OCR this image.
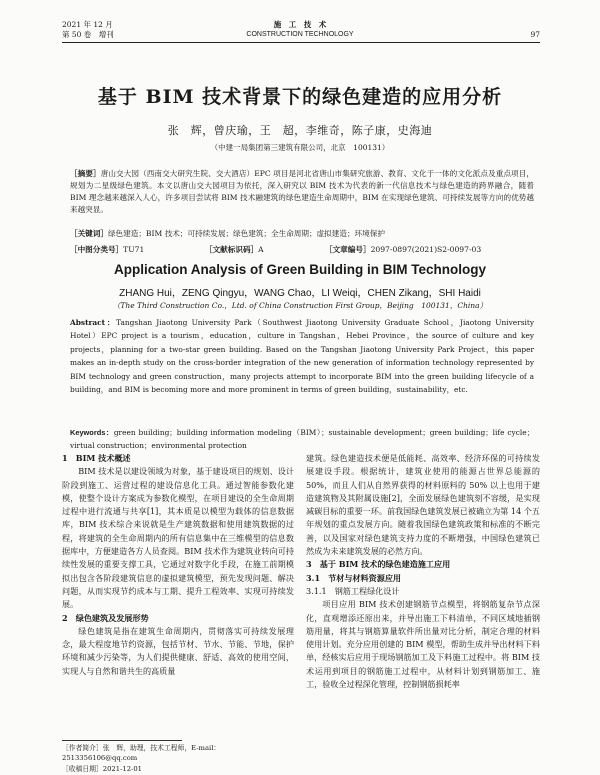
2021 年 12 月
第 50 卷　增刊
施　工　技　术
CONSTRUCTION TECHNOLOGY	97
基于 BIM 技术背景下的绿色建造的应用分析
张　辉，曾庆瑜，王　超，李维奇，陈子康，史海迪
（中建一局集团第三建筑有限公司，北京　100131）

［摘要］唐山交大园（西南交大研究生院、交大酒店）EPC 项目是河北省唐山市集研究旅游、教育、文化于一体的文化派点及重点项目，规划为二星级绿色建筑。本文以唐山交大园项目为依托，深入研究以 BIM 技术为代表的新一代信息技术与绿色建造的跨界融合，随着 BIM 理念越来越深入人心，许多项目尝试将 BIM 技术融建筑的绿色建造生命周期中，BIM 在实现绿色建筑、可持续发展等方向的优势越来越突显。

［关键词］绿色建造；BIM 技术；可持续发展；绿色建筑；全生命周期；虚拟建造；环境保护
［中图分类号］TU71	［文献标识码］A	［文章编号］2097-0897(2021)S2-0097-03
Application Analysis of Green Building in BIM Technology
ZHANG Hui，ZENG Qingyu，WANG Chao，LI Weiqi，CHEN Zikang，SHI Haidi
（The Third Construction Co.，Ltd. of China Construction First Group，Beijing　100131，China）
Abstract：Tangshan Jiaotong University Park（Southwest Jiaotong University Graduate School，Jiaotong University Hotel）EPC project is a tourism，education，culture in Tangshan，Hebei Province，the source of culture and key projects，planning for a two-star green building. Based on the Tangshan Jiaotong University Park Project，this paper makes an in-depth study on the cross-border integration of the new generation of information technology represented by BIM technology and green construction，many projects attempt to incorporate BIM into the green building lifecycle of a building，and BIM is becoming more and more prominent in terms of green building，sustainability，etc.
Keywords：green building；building information modeling（BIM）；sustainable development；green building；life cycle；virtual construction；environmental protection

1　BIM 技术概述

BIM 技术是以建设领域为对象，基于建设项目的规划、设计阶段到施工、运营过程的建设信息化工具。通过智能参数化建模，使整个设计方案成为参数化模型，在项目建设的全生命周期过程中进行流通与共享[1]，其本质是以模型为载体的信息数据库，BIM 技术综合来说就是生产建筑数据和使用建筑数据的过程，将建筑的全生命周期内的所有信息集中在三维模型的信息数据库中，方便建造各方人员查阅。BIM 技术作为建筑业转向可持续性发展的重要支撑工具，它通过对数字化手段，在施工前期模拟出包含各阶段建筑信息的虚拟建筑模型，预先发现问题、解决问题，从而实现节约成本与工期、提升工程效率、实现可持续发展。

2　绿色建筑及发展形势

绿色建筑是指在建筑生命周期内，贯彻落实可持续发展理念，最大程度地节约资源，包括节材、节水、节能、节地，保护环境和减少污染等，为人们提供健康、舒适、高效的使用空间，实现人与自然和谐共生的高质量

建筑。绿色建造技术便是低能耗、高效率、经济环保的可持续发展建设手段。根据统计，建筑业使用的能源占世界总能源的 50%，而且人们从自然界获得的材料原料的 50% 以上也用于建造建筑物及其附属设施[2]，全面发展绿色建筑刻不容缓，是实现减碳目标的重要一环。前我国绿色建筑发展已被确立为第 14 个五年规划的重点发展方向。随着我国绿色建筑政策和标准的不断完善，以及国家对绿色建筑支持力度的不断增强，中国绿色建筑已然成为未来建筑发展的必然方向。

3　基于 BIM 技术的绿色建造施工应用

3.1　节材与材料资源应用

3.1.1　钢筋工程绿化设计

项目应用 BIM 技术创建钢筋节点模型，将钢筋复杂节点深化，直观增添还原出来，并导出施工下料清单，不同区域地插钢筋用量，将其与钢筋算量软件所出量对比分析，制定合理的材料使用计划。充分应用创建的 BIM 模型，帮助生成并导出材料下料单，经核实后应用于现场钢筋加工及下料施工过程中。将 BIM 技术运用到项目的钢筋施工过程中，从材料计划到钢筋加工、施工，验收全过程深化管理，控制钢筋损耗率

［作者简介］张　辉，助理，技术工程师，E-mail：2513356106@qq.com
［收稿日期］2021-12-01
